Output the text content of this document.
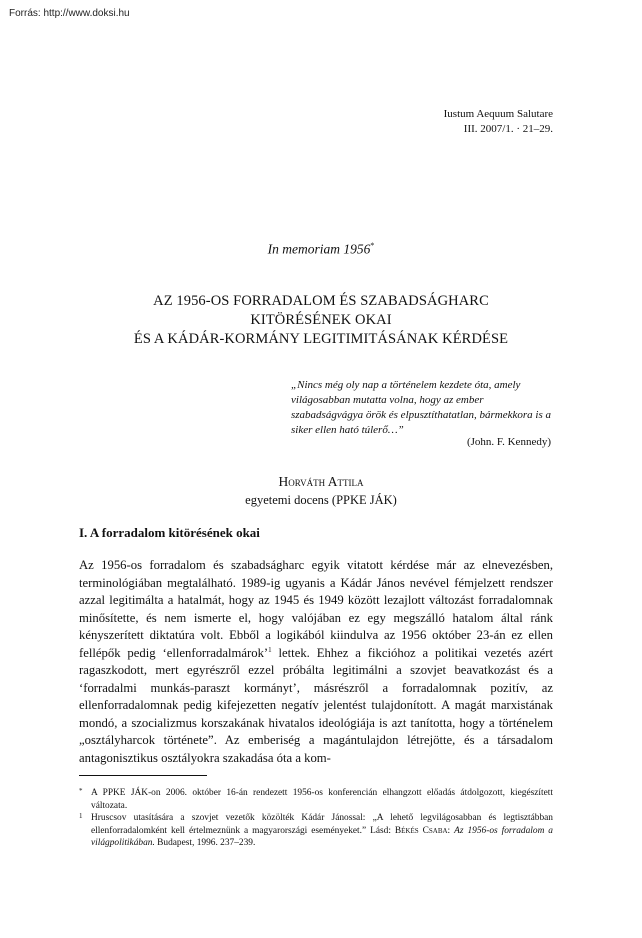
Forrás: http://www.doksi.hu
Iustum Aequum Salutare
III. 2007/1. · 21–29.
In memoriam 1956*
AZ 1956-OS FORRADALOM ÉS SZABADSÁGHARC
KITÖRÉSÉNEK OKAI
ÉS A KÁDÁR-KORMÁNY LEGITIMITÁSÁNAK KÉRDÉSE
„Nincs még oly nap a történelem kezdete óta, amely világosabban mutatta volna, hogy az ember szabadságvágya örök és elpusztíthatatlan, bármekkora is a siker ellen ható túlerő…”
(John. F. Kennedy)
Horváth Attila
egyetemi docens (PPKE JÁK)
I. A forradalom kitörésének okai

Az 1956-os forradalom és szabadságharc egyik vitatott kérdése már az elnevezésben, terminológiában megtalálható. 1989-ig ugyanis a Kádár János nevével fémjelzett rendszer azzal legitimálta a hatalmát, hogy az 1945 és 1949 között lezajlott változást forradalomnak minősítette, és nem ismerte el, hogy valójában ez egy megszálló hatalom által ránk kényszerített diktatúra volt. Ebből a logikából kiindulva az 1956 október 23-án ez ellen fellépők pedig ‘ellenforradalmárok’$^1$ lettek. Ehhez a fikcióhoz a politikai vezetés azért ragaszkodott, mert egyrészről ezzel próbálta legitimálni a szovjet beavatkozást és a ‘forradalmi munkás-paraszt kormányt’, másrészről a forradalomnak pozitív, az ellenforradalomnak pedig kifejezetten negatív jelentést tulajdonított. A magát marxistának mondó, a szocializmus korszakának hivatalos ideológiája is azt tanította, hogy a történelem „osztályharcok története”. Az emberiség a magántulajdon létrejötte, és a társadalom antagonisztikus osztályokra szakadása óta a kom-

* A PPKE JÁK-on 2006. október 16-án rendezett 1956-os konferencián elhangzott előadás átdolgozott, kiegészített változata.

1 Hruscsov utasítására a szovjet vezetők közölték Kádár Jánossal: „A lehető legvilágosabban és legtisztábban ellenforradalomként kell értelmeznünk a magyarországi eseményeket.” Lásd: Békés Csaba: Az 1956-os forradalom a világpolitikában. Budapest, 1996. 237–239.
